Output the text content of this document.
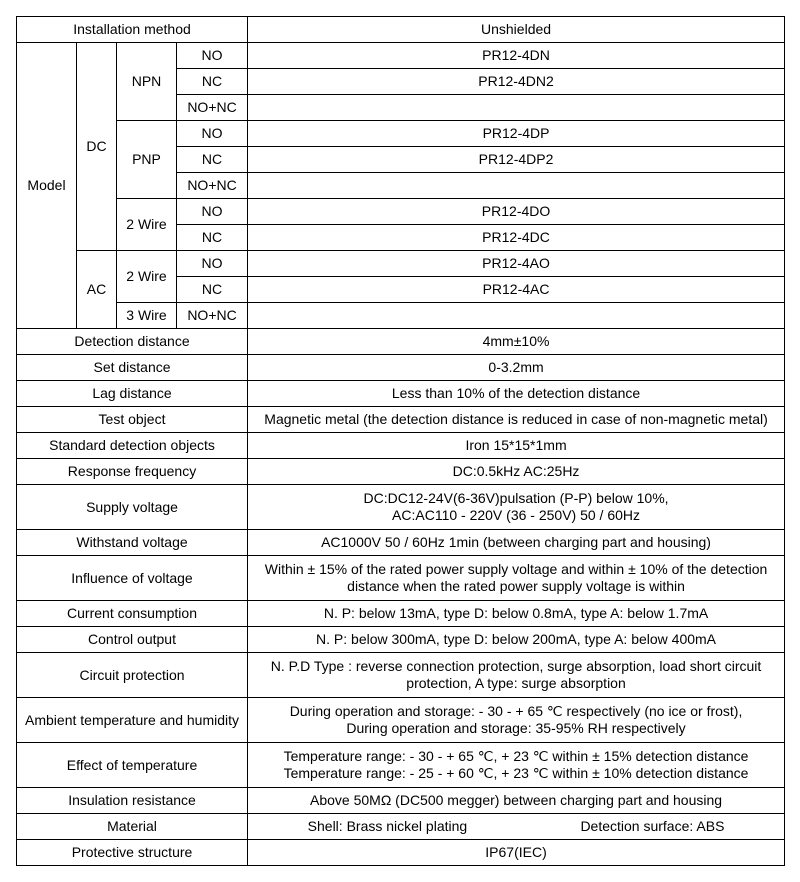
Installation method				Unshielded
Model	DC	NPN	NO	PR12-4DN
			NC	PR12-4DN2
			NO+NC	
		PNP	NO	PR12-4DP
			NC	PR12-4DP2
			NO+NC	
		2 Wire	NO	PR12-4DO
			NC	PR12-4DC
	AC	2 Wire	NO	PR12-4AO
			NC	PR12-4AC
		3 Wire	NO+NC	
Detection distance				4mm±10%
Set distance				0-3.2mm
Lag distance				Less than 10% of the detection distance
Test object				Magnetic metal (the detection distance is reduced in case of non-magnetic metal)
Standard detection objects				Iron 15*15*1mm
Response frequency				DC:0.5kHz AC:25Hz
Supply voltage				DC:DC12-24V(6-36V)pulsation (P-P) below 10%,
AC:AC110 - 220V (36 - 250V) 50 / 60Hz

Withstand voltage				AC1000V 50 / 60Hz 1min (between charging part and housing)
Influence of voltage				Within ± 15% of the rated power supply voltage and within ± 10% of the detection
distance when the rated power supply voltage is within

Current consumption				N. P: below 13mA, type D: below 0.8mA, type A: below 1.7mA
Control output				N. P: below 300mA, type D: below 200mA, type A: below 400mA
Circuit protection				N. P.D Type : reverse connection protection, surge absorption, load short circuit
protection, A type: surge absorption

Ambient temperature and humidity				During operation and storage: - 30 - + 65 ℃ respectively (no ice or frost),
During operation and storage: 35-95% RH respectively

Effect of temperature				Temperature range: - 30 - + 65 ℃, + 23 ℃ within ± 15% detection distance
Temperature range: - 25 - + 60 ℃, + 23 ℃ within ± 10% detection distance

Insulation resistance				Above 50MΩ (DC500 megger) between charging part and housing
Material				Shell: Brass nickel plating Detection surface: ABS

Protective structure				IP67(IEC)
